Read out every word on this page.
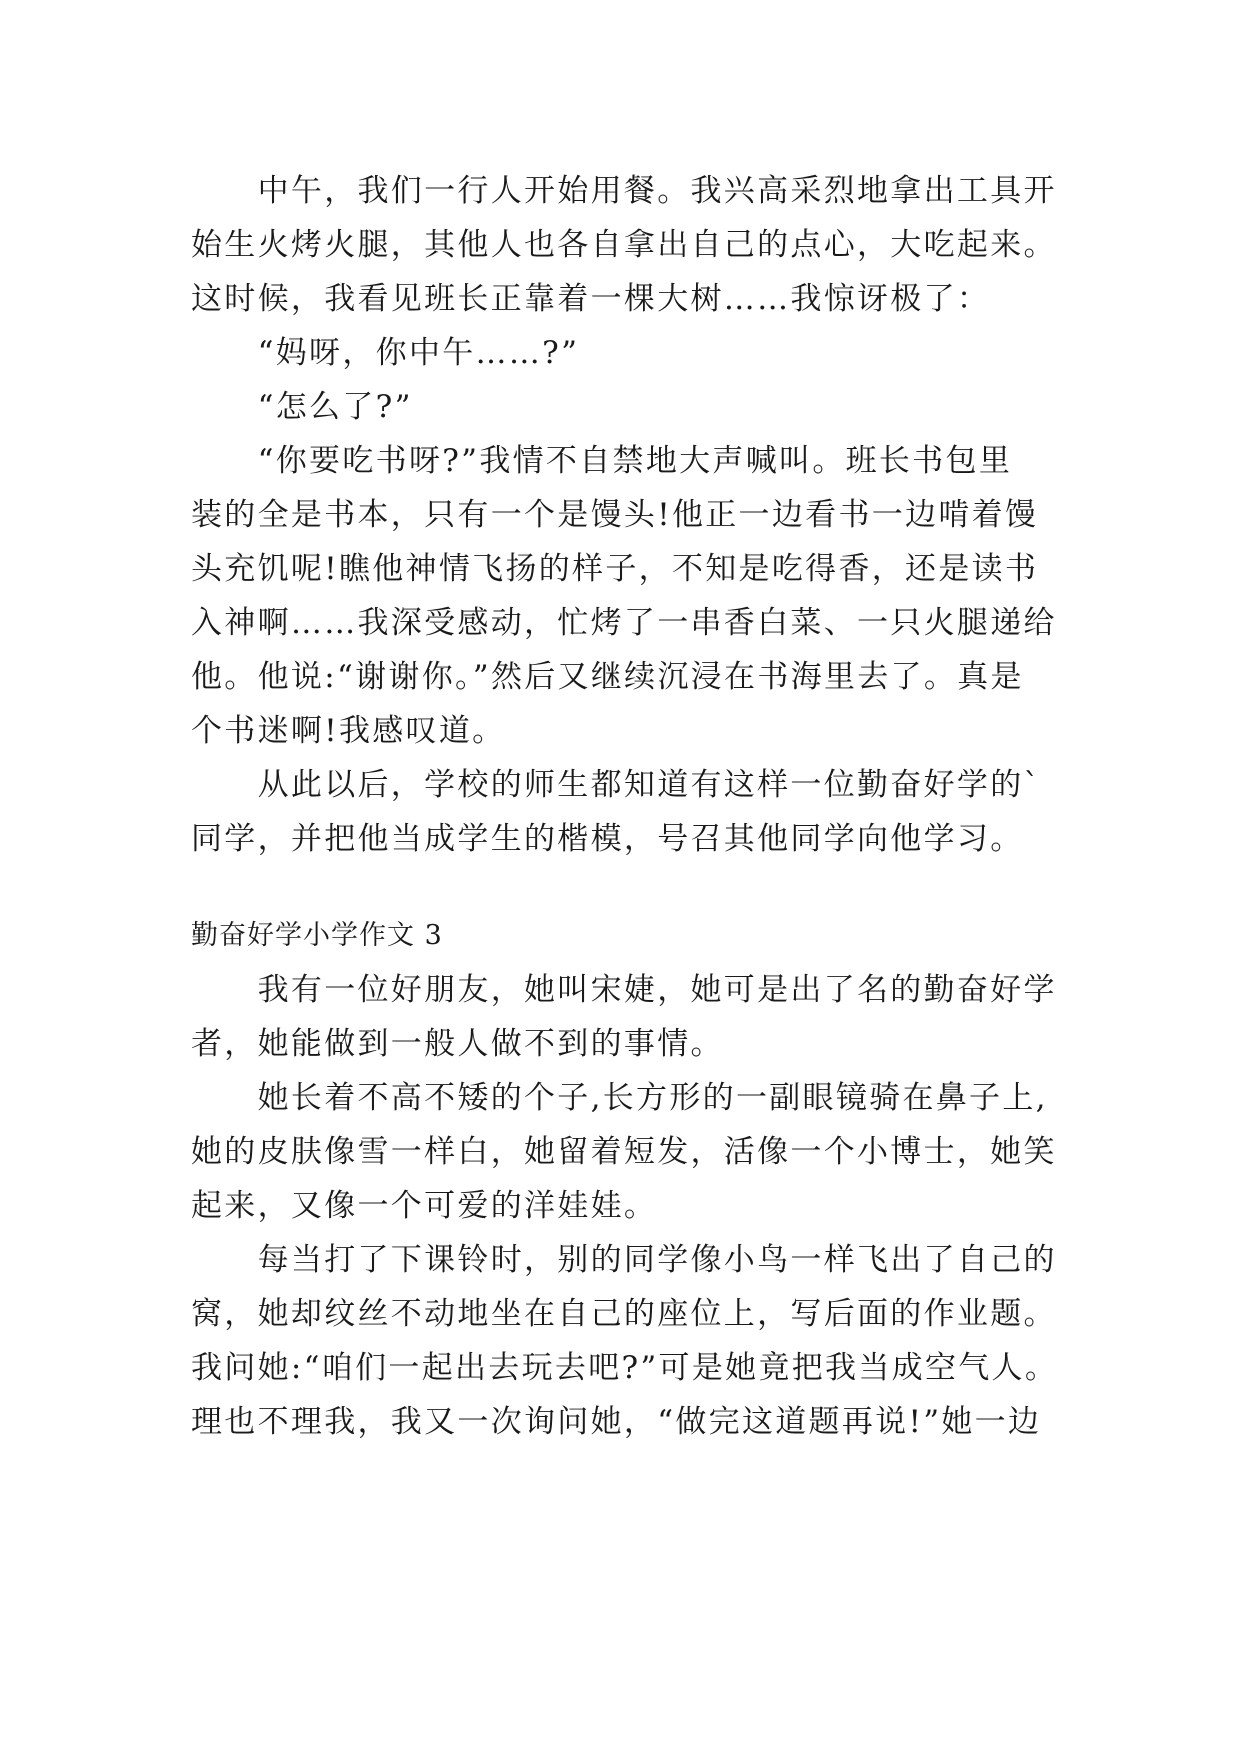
　　中午，我们一行人开始用餐。我兴高采烈地拿出工具开
始生火烤火腿，其他人也各自拿出自己的点心，大吃起来。
这时候，我看见班长正靠着一棵大树……我惊讶极了：
　　“妈呀，你中午……?”
　　“怎么了?”
　　“你要吃书呀?”我情不自禁地大声喊叫。班长书包里
装的全是书本，只有一个是馒头!他正一边看书一边啃着馒
头充饥呢!瞧他神情飞扬的样子，不知是吃得香，还是读书
入神啊……我深受感动，忙烤了一串香白菜、一只火腿递给
他。他说:“谢谢你。”然后又继续沉浸在书海里去了。真是
个书迷啊!我感叹道。
　　从此以后，学校的师生都知道有这样一位勤奋好学的`
同学，并把他当成学生的楷模，号召其他同学向他学习。
勤奋好学小学作文 3
　　我有一位好朋友，她叫宋婕，她可是出了名的勤奋好学
者，她能做到一般人做不到的事情。
　　她长着不高不矮的个子,长方形的一副眼镜骑在鼻子上,
她的皮肤像雪一样白，她留着短发，活像一个小博士，她笑
起来，又像一个可爱的洋娃娃。
　　每当打了下课铃时，别的同学像小鸟一样飞出了自己的
窝，她却纹丝不动地坐在自己的座位上，写后面的作业题。
我问她:“咱们一起出去玩去吧?”可是她竟把我当成空气人。
理也不理我，我又一次询问她，“做完这道题再说!”她一边
